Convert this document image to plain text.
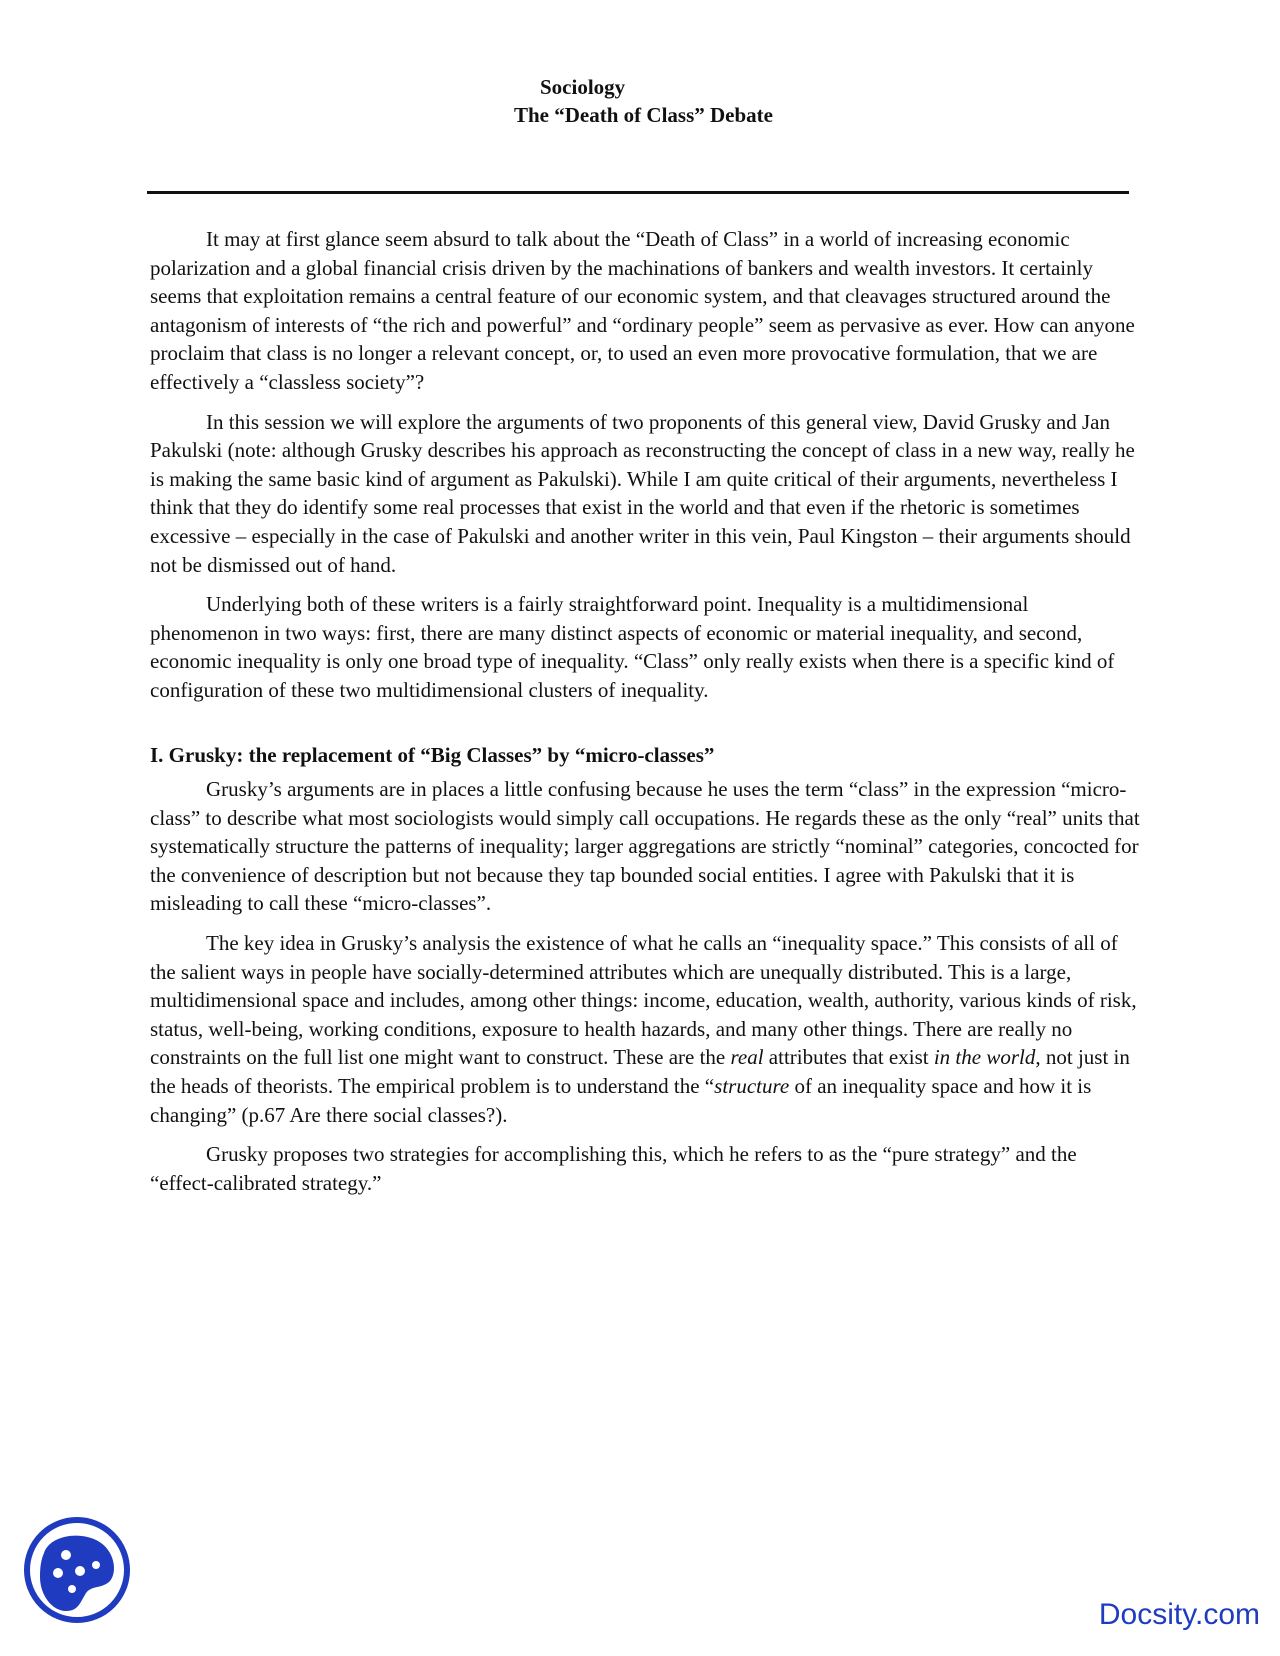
Sociology
The “Death of Class” Debate

It may at first glance seem absurd to talk about the “Death of Class” in a world of increasing economic polarization and a global financial crisis driven by the machinations of bankers and wealth investors. It certainly seems that exploitation remains a central feature of our economic system, and that cleavages structured around the antagonism of interests of “the rich and powerful” and “ordinary people” seem as pervasive as ever. How can anyone proclaim that class is no longer a relevant concept, or, to used an even more provocative formulation, that we are effectively a “classless society”?

In this session we will explore the arguments of two proponents of this general view, David Grusky and Jan Pakulski (note: although Grusky describes his approach as reconstructing the concept of class in a new way, really he is making the same basic kind of argument as Pakulski). While I am quite critical of their arguments, nevertheless I think that they do identify some real processes that exist in the world and that even if the rhetoric is sometimes excessive – especially in the case of Pakulski and another writer in this vein, Paul Kingston – their arguments should not be dismissed out of hand.

Underlying both of these writers is a fairly straightforward point. Inequality is a multidimensional phenomenon in two ways: first, there are many distinct aspects of economic or material inequality, and second, economic inequality is only one broad type of inequality. “Class” only really exists when there is a specific kind of configuration of these two multidimensional clusters of inequality.

I. Grusky: the replacement of “Big Classes” by “micro-classes”

Grusky’s arguments are in places a little confusing because he uses the term “class” in the expression “micro-class” to describe what most sociologists would simply call occupations. He regards these as the only “real” units that systematically structure the patterns of inequality; larger aggregations are strictly “nominal” categories, concocted for the convenience of description but not because they tap bounded social entities. I agree with Pakulski that it is misleading to call these “micro-classes”.

The key idea in Grusky’s analysis the existence of what he calls an “inequality space.” This consists of all of the salient ways in people have socially-determined attributes which are unequally distributed. This is a large, multidimensional space and includes, among other things: income, education, wealth, authority, various kinds of risk, status, well-being, working conditions, exposure to health hazards, and many other things. There are really no constraints on the full list one might want to construct. These are the real attributes that exist in the world, not just in the heads of theorists. The empirical problem is to understand the “structure of an inequality space and how it is changing” (p.67 Are there social classes?).

Grusky proposes two strategies for accomplishing this, which he refers to as the “pure strategy” and the “effect-calibrated strategy.”

Docsity.com
